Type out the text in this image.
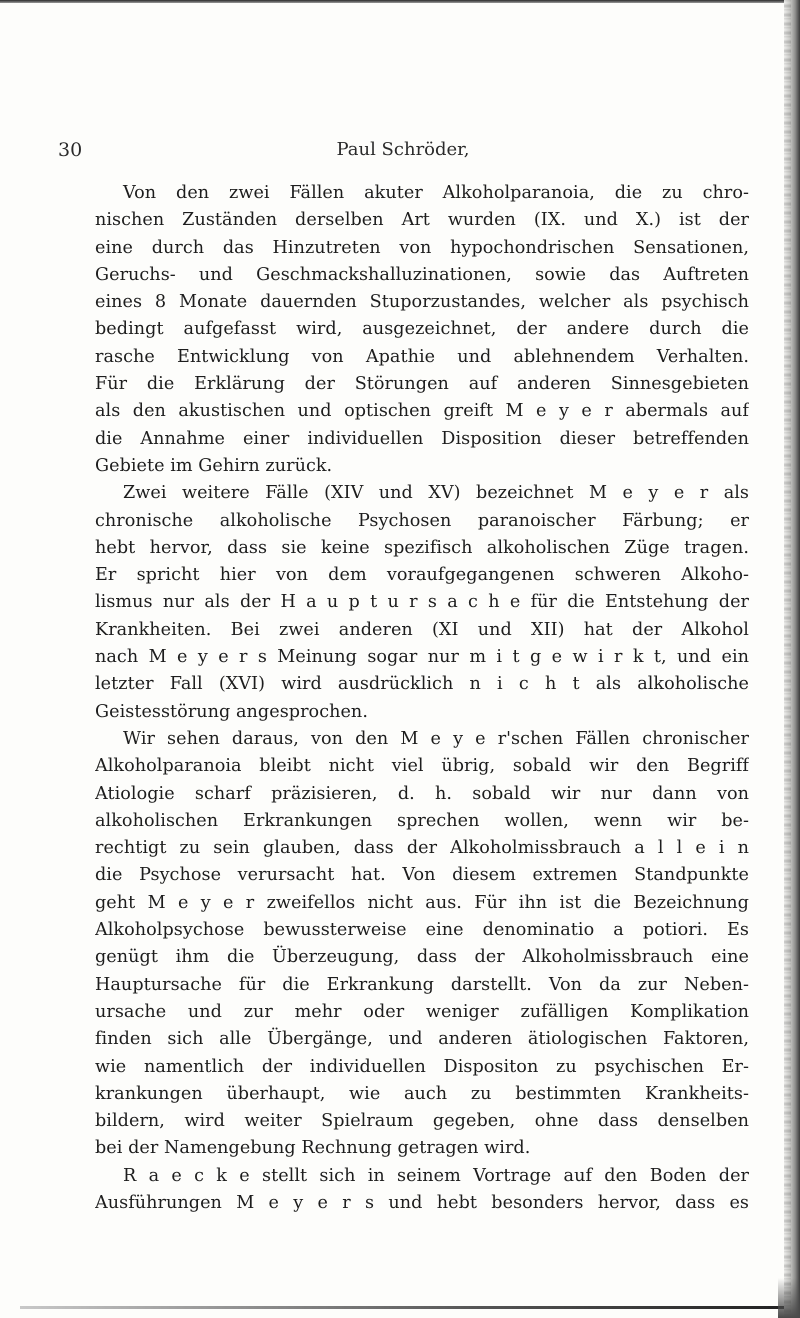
30	Paul Schröder,
Von den zwei Fällen akuter Alkoholparanoia, die zu chro-
nischen Zuständen derselben Art wurden (IX. und X.) ist der
eine durch das Hinzutreten von hypochondrischen Sensationen,
Geruchs- und Geschmackshalluzinationen, sowie das Auftreten
eines 8 Monate dauernden Stuporzustandes, welcher als psychisch
bedingt aufgefasst wird, ausgezeichnet, der andere durch die
rasche Entwicklung von Apathie und ablehnendem Verhalten.
Für die Erklärung der Störungen auf anderen Sinnesgebieten
als den akustischen und optischen greift M e y e r abermals auf
die Annahme einer individuellen Disposition dieser betreffenden
Gebiete im Gehirn zurück.
Zwei weitere Fälle (XIV und XV) bezeichnet M e y e r als
chronische alkoholische Psychosen paranoischer Färbung; er
hebt hervor, dass sie keine spezifisch alkoholischen Züge tragen.
Er spricht hier von dem voraufgegangenen schweren Alkoho-
lismus nur als der H a u p t u r s a c h e für die Entstehung der
Krankheiten. Bei zwei anderen (XI und XII) hat der Alkohol
nach M e y e r s Meinung sogar nur m i t g e w i r k t, und ein
letzter Fall (XVI) wird ausdrücklich n i c h t als alkoholische
Geistesstörung angesprochen.
Wir sehen daraus, von den M e y e r'schen Fällen chronischer
Alkoholparanoia bleibt nicht viel übrig, sobald wir den Begriff
Atiologie scharf präzisieren, d. h. sobald wir nur dann von
alkoholischen Erkrankungen sprechen wollen, wenn wir be-
rechtigt zu sein glauben, dass der Alkoholmissbrauch a l l e i n
die Psychose verursacht hat. Von diesem extremen Standpunkte
geht M e y e r zweifellos nicht aus. Für ihn ist die Bezeichnung
Alkoholpsychose bewussterweise eine denominatio a potiori. Es
genügt ihm die Überzeugung, dass der Alkoholmissbrauch eine
Hauptursache für die Erkrankung darstellt. Von da zur Neben-
ursache und zur mehr oder weniger zufälligen Komplikation
finden sich alle Übergänge, und anderen ätiologischen Faktoren,
wie namentlich der individuellen Dispositon zu psychischen Er-
krankungen überhaupt, wie auch zu bestimmten Krankheits-
bildern, wird weiter Spielraum gegeben, ohne dass denselben
bei der Namengebung Rechnung getragen wird.
R a e c k e stellt sich in seinem Vortrage auf den Boden der
Ausführungen M e y e r s und hebt besonders hervor, dass es
